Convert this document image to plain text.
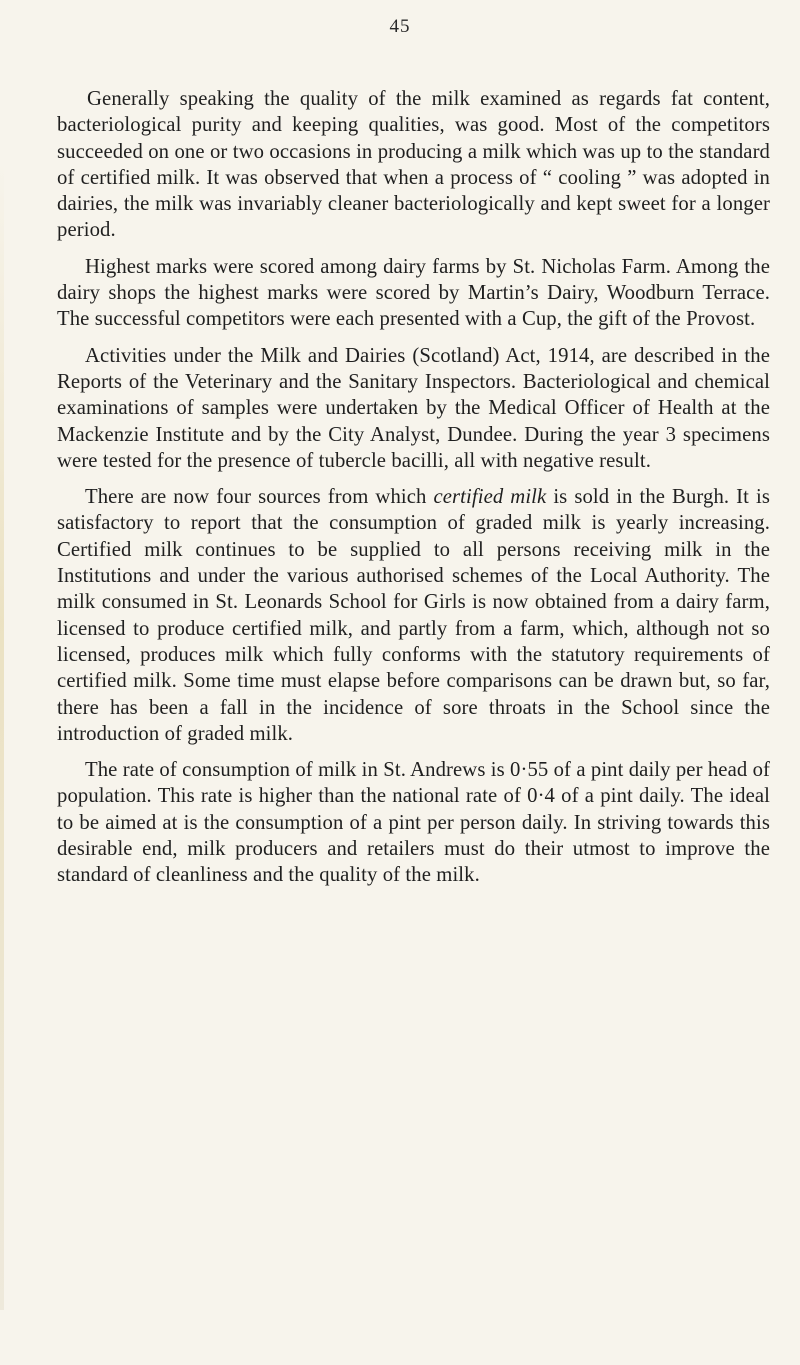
45

Generally speaking the quality of the milk examined as regards fat content, bacteriological purity and keeping qualities, was good. Most of the competitors succeeded on one or two occasions in producing a milk which was up to the standard of certified milk. It was observed that when a process of “ cooling ” was adopted in dairies, the milk was invariably cleaner bacteriologically and kept sweet for a longer period.

Highest marks were scored among dairy farms by St. Nicholas Farm. Among the dairy shops the highest marks were scored by Martin’s Dairy, Woodburn Terrace. The successful competitors were each presented with a Cup, the gift of the Provost.

Activities under the Milk and Dairies (Scotland) Act, 1914, are described in the Reports of the Veterinary and the Sanitary Inspectors. Bacteriological and chemical examinations of samples were undertaken by the Medical Officer of Health at the Mackenzie Institute and by the City Analyst, Dundee. During the year 3 specimens were tested for the presence of tubercle bacilli, all with negative result.

There are now four sources from which certified milk is sold in the Burgh. It is satisfactory to report that the consumption of graded milk is yearly increasing. Certified milk continues to be supplied to all persons receiving milk in the Institutions and under the various authorised schemes of the Local Authority. The milk consumed in St. Leonards School for Girls is now obtained from a dairy farm, licensed to produce certified milk, and partly from a farm, which, although not so licensed, produces milk which fully conforms with the statutory requirements of certified milk. Some time must elapse before comparisons can be drawn but, so far, there has been a fall in the incidence of sore throats in the School since the introduction of graded milk.

The rate of consumption of milk in St. Andrews is 0·55 of a pint daily per head of population. This rate is higher than the national rate of 0·4 of a pint daily. The ideal to be aimed at is the consumption of a pint per person daily. In striving towards this desirable end, milk producers and retailers must do their utmost to improve the standard of cleanliness and the quality of the milk.
